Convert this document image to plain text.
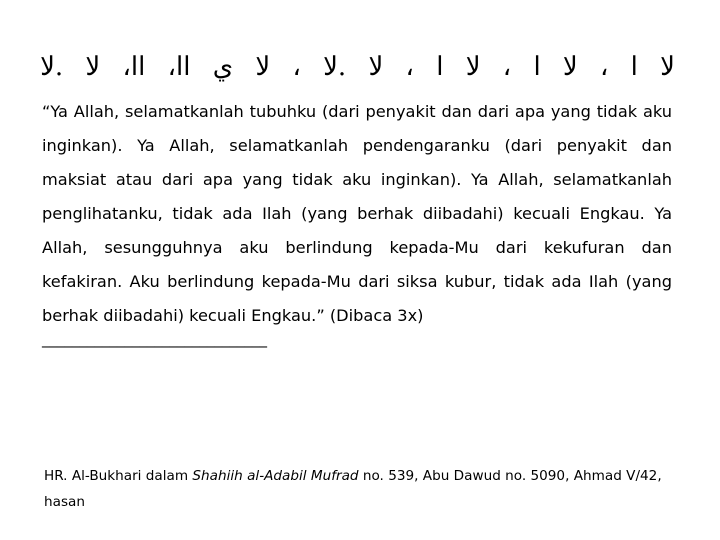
لا ا ، لا ا ، لا ا ، لا .لا ، لا ي اا، اا، لا .لا

“Ya Allah, selamatkanlah tubuhku (dari penyakit dan dari apa yang tidak aku inginkan). Ya Allah, selamatkanlah pendengaranku (dari penyakit dan maksiat atau dari apa yang tidak aku inginkan). Ya Allah, selamatkanlah penglihatanku, tidak ada Ilah (yang berhak diibadahi) kecuali Engkau. Ya Allah, sesungguhnya aku berlindung kepada-Mu dari kekufuran dan kefakiran. Aku berlindung kepada-Mu dari siksa kubur, tidak ada Ilah (yang berhak diibadahi) kecuali Engkau.” (Dibaca 3x)

______________________________

HR. Al-Bukhari dalam Shahiih al-Adabil Mufrad no. 539, Abu Dawud no. 5090, Ahmad V/42, hasan
